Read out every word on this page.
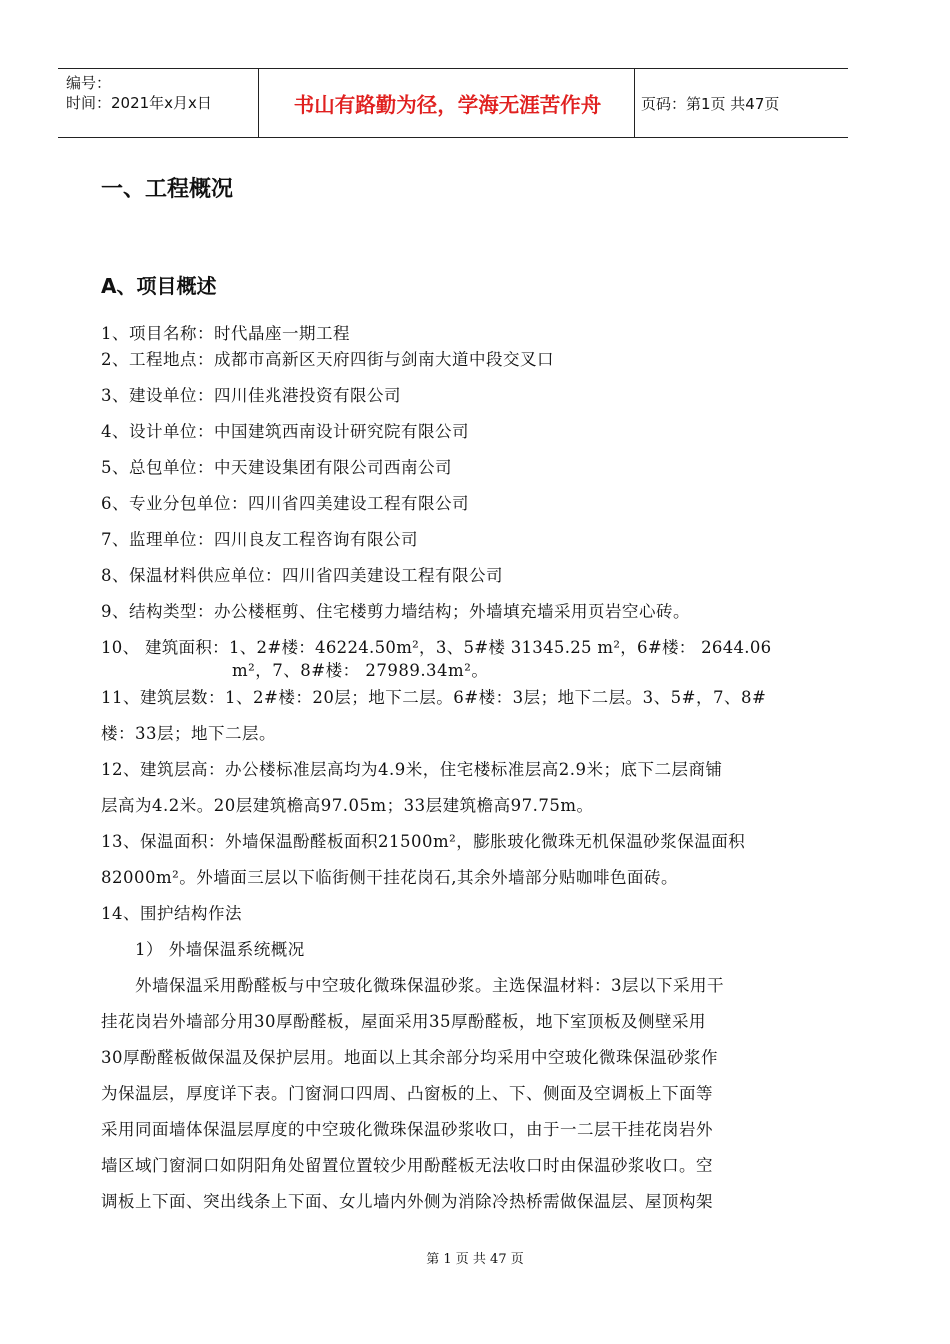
编号：
时间：2021年x月x日	书山有路勤为径，学海无涯苦作舟	页码：第1页 共47页
一、工程概况
A、项目概述
1、项目名称：时代晶座一期工程
2、工程地点：成都市高新区天府四街与剑南大道中段交叉口
3、建设单位：四川佳兆港投资有限公司
4、设计单位：中国建筑西南设计研究院有限公司
5、总包单位：中天建设集团有限公司西南公司
6、专业分包单位：四川省四美建设工程有限公司
7、监理单位：四川良友工程咨询有限公司
8、保温材料供应单位：四川省四美建设工程有限公司
9、结构类型：办公楼框剪、住宅楼剪力墙结构；外墙填充墙采用页岩空心砖。
10、 建筑面积：1、2#楼：46224.50m²，3、5#楼 31345.25 m²，6#楼： 2644.06
m²，7、8#楼： 27989.34m²。
11、建筑层数：1、2#楼：20层；地下二层。6#楼：3层；地下二层。3、5#，7、8#
楼：33层；地下二层。
12、建筑层高：办公楼标准层高均为4.9米，住宅楼标准层高2.9米；底下二层商铺
层高为4.2米。20层建筑檐高97.05m；33层建筑檐高97.75m。
13、保温面积：外墙保温酚醛板面积21500m²，膨胀玻化微珠无机保温砂浆保温面积
82000m²。外墙面三层以下临街侧干挂花岗石,其余外墙部分贴咖啡色面砖。
14、围护结构作法
1） 外墙保温系统概况
外墙保温采用酚醛板与中空玻化微珠保温砂浆。主选保温材料：3层以下采用干
挂花岗岩外墙部分用30厚酚醛板，屋面采用35厚酚醛板，地下室顶板及侧壁采用
30厚酚醛板做保温及保护层用。地面以上其余部分均采用中空玻化微珠保温砂浆作
为保温层，厚度详下表。门窗洞口四周、凸窗板的上、下、侧面及空调板上下面等
采用同面墙体保温层厚度的中空玻化微珠保温砂浆收口，由于一二层干挂花岗岩外
墙区域门窗洞口如阴阳角处留置位置较少用酚醛板无法收口时由保温砂浆收口。空
调板上下面、突出线条上下面、女儿墙内外侧为消除冷热桥需做保温层、屋顶构架
第 1 页 共 47 页
